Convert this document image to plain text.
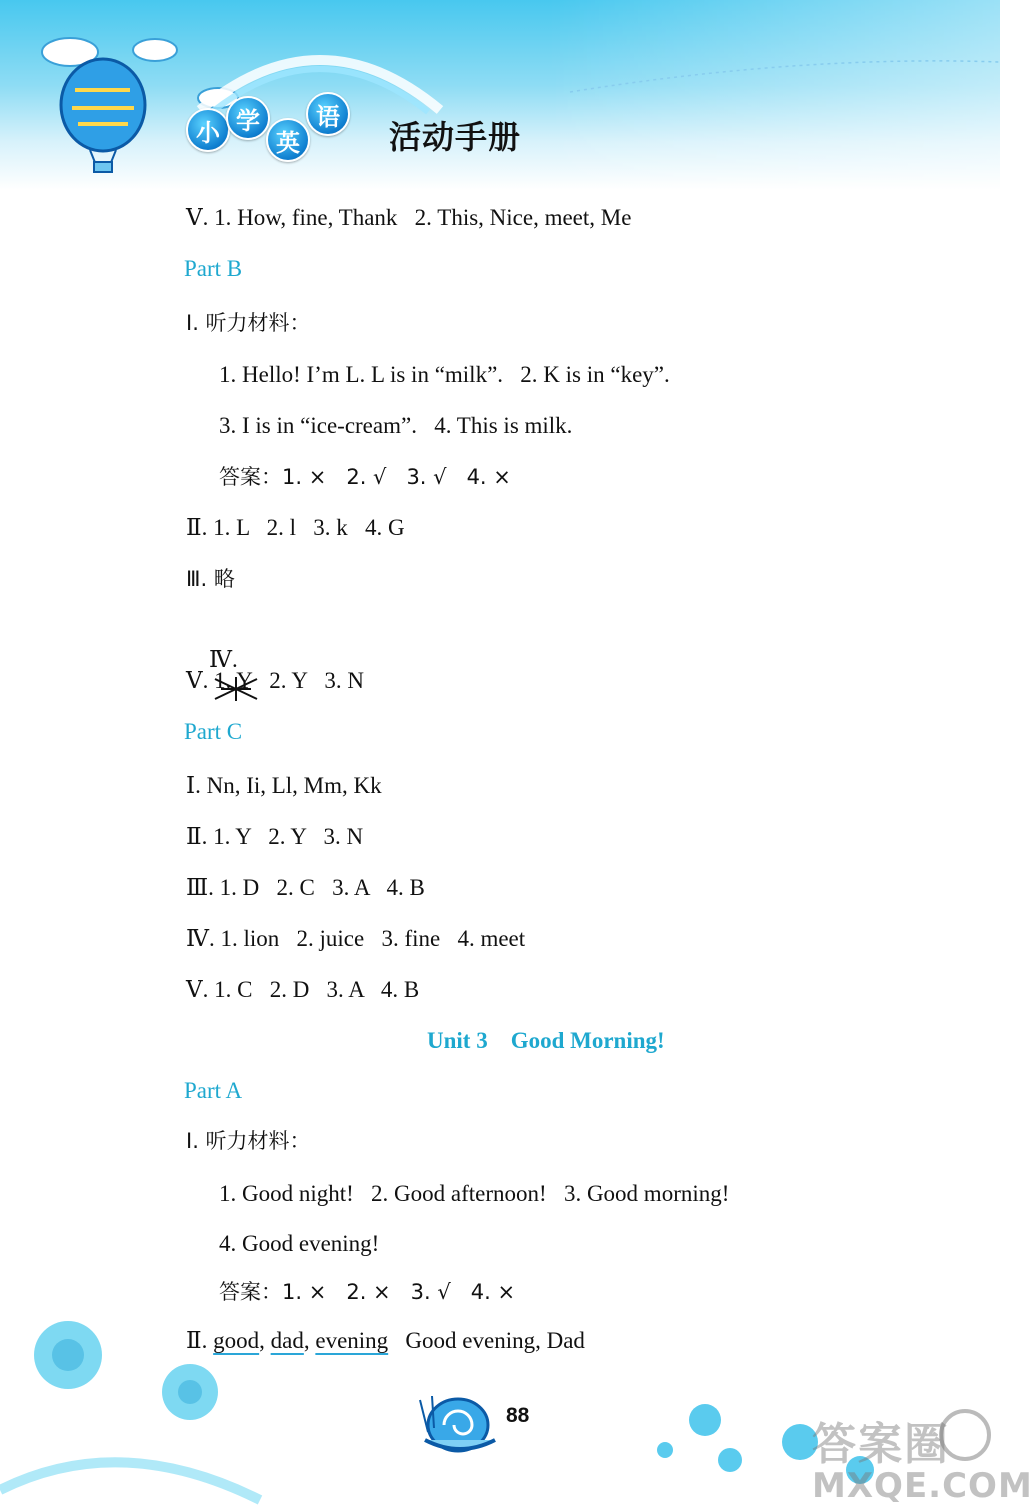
小 学
英
语
活动手册
Ⅴ. 1. How, fine, Thank   2. This, Nice, meet, Me
Part B
Ⅰ. 听力材料：
1. Hello! I’m L. L is in “milk”.   2. K is in “key”.
3. I is in “ice-cream”.   4. This is milk.
答案：1. ×   2. √   3. √   4. ×
Ⅱ. 1. L   2. l   3. k   4. G
Ⅲ. 略

Ⅳ.

Ⅴ. 1. Y   2. Y   3. N
Part C
Ⅰ. Nn, Ii, Ll, Mm, Kk
Ⅱ. 1. Y   2. Y   3. N
Ⅲ. 1. D   2. C   3. A   4. B
Ⅳ. 1. lion   2. juice   3. fine   4. meet
Ⅴ. 1. C   2. D   3. A   4. B
Unit 3    Good Morning!
Part A
Ⅰ. 听力材料：
1. Good night!   2. Good afternoon!   3. Good morning!
4. Good evening!
答案：1. ×   2. ×   3. √   4. ×
Ⅱ. good, dad, evening   Good evening, Dad
88
答案圈
MXQE.COM
